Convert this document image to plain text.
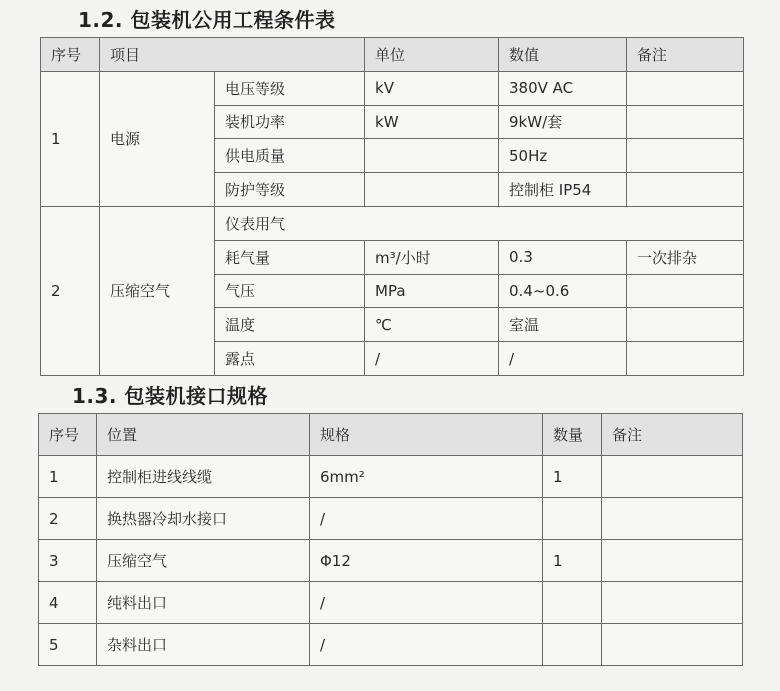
1.2. 包装机公用工程条件表
序号	项目		单位	数值	备注
1	电源	电压等级	kV	380V AC	
		装机功率	kW	9kW/套	
		供电质量		50Hz	
		防护等级		控制柜 IP54	
2	压缩空气	仪表用气			
		耗气量	m³/小时	0.3	一次排杂
		气压	MPa	0.4~0.6	
		温度	℃	室温	
		露点	/	/	
1.3. 包装机接口规格
序号	位置	规格	数量	备注
1	控制柜进线线缆	6mm²	1	
2	换热器冷却水接口	/		
3	压缩空气	Φ12	1	
4	纯料出口	/		
5	杂料出口	/		
